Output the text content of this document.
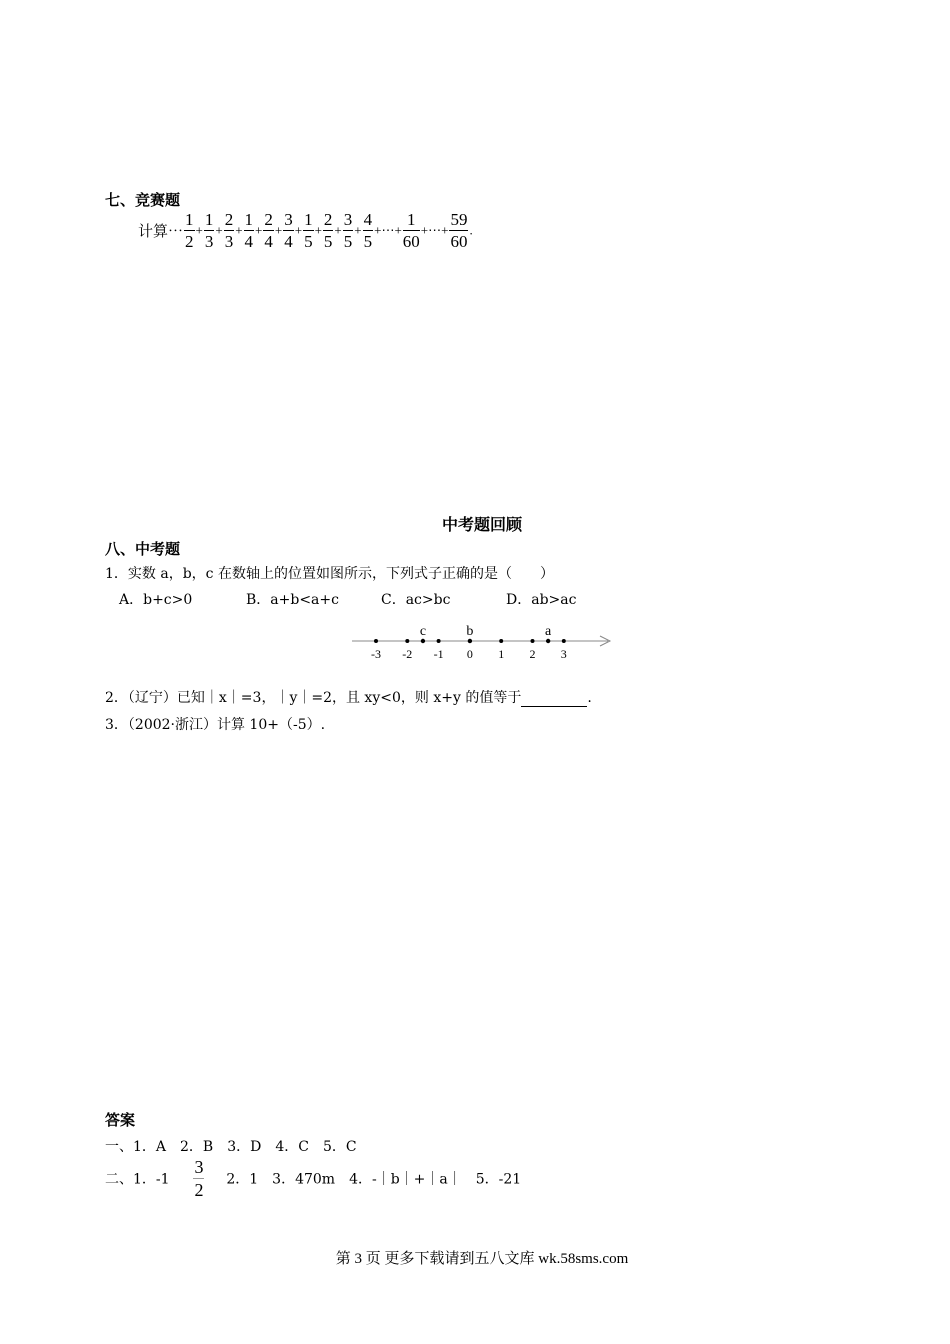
七、竞赛题
计算⋯ $\frac{1}{2} + \frac{1}{3} + \frac{2}{3} + \frac{1}{4} + \frac{2}{4} + \frac{3}{4} + \frac{1}{5} + \frac{2}{5} + \frac{3}{5} + \frac{4}{5}$ +⋯+ $\frac{1}{60}$ +⋯+ $\frac{59}{60}$ .
中考题回顾
八、中考题
1．实数 a，b，c 在数轴上的位置如图所示，下列式子正确的是（　　）
A．b+c>0	B．a+b<a+c	C．ac>bc	D．ab>ac
-3 -2 -1 0 1 2 3
c	b	a
2．（辽宁）已知｜x｜=3，｜y｜=2，且 xy<0，则 x+y 的值等于	.
3．（2002·浙江）计算 10+（-5）.
答案
一、1．A　2．B　3．D　4．C　5．C
二、1．$-1 \frac{3}{2} 2$．1　3．470m　4．-｜b｜+｜a｜　5．-21
第 3 页 更多下载请到五八文库 wk.58sms.com
